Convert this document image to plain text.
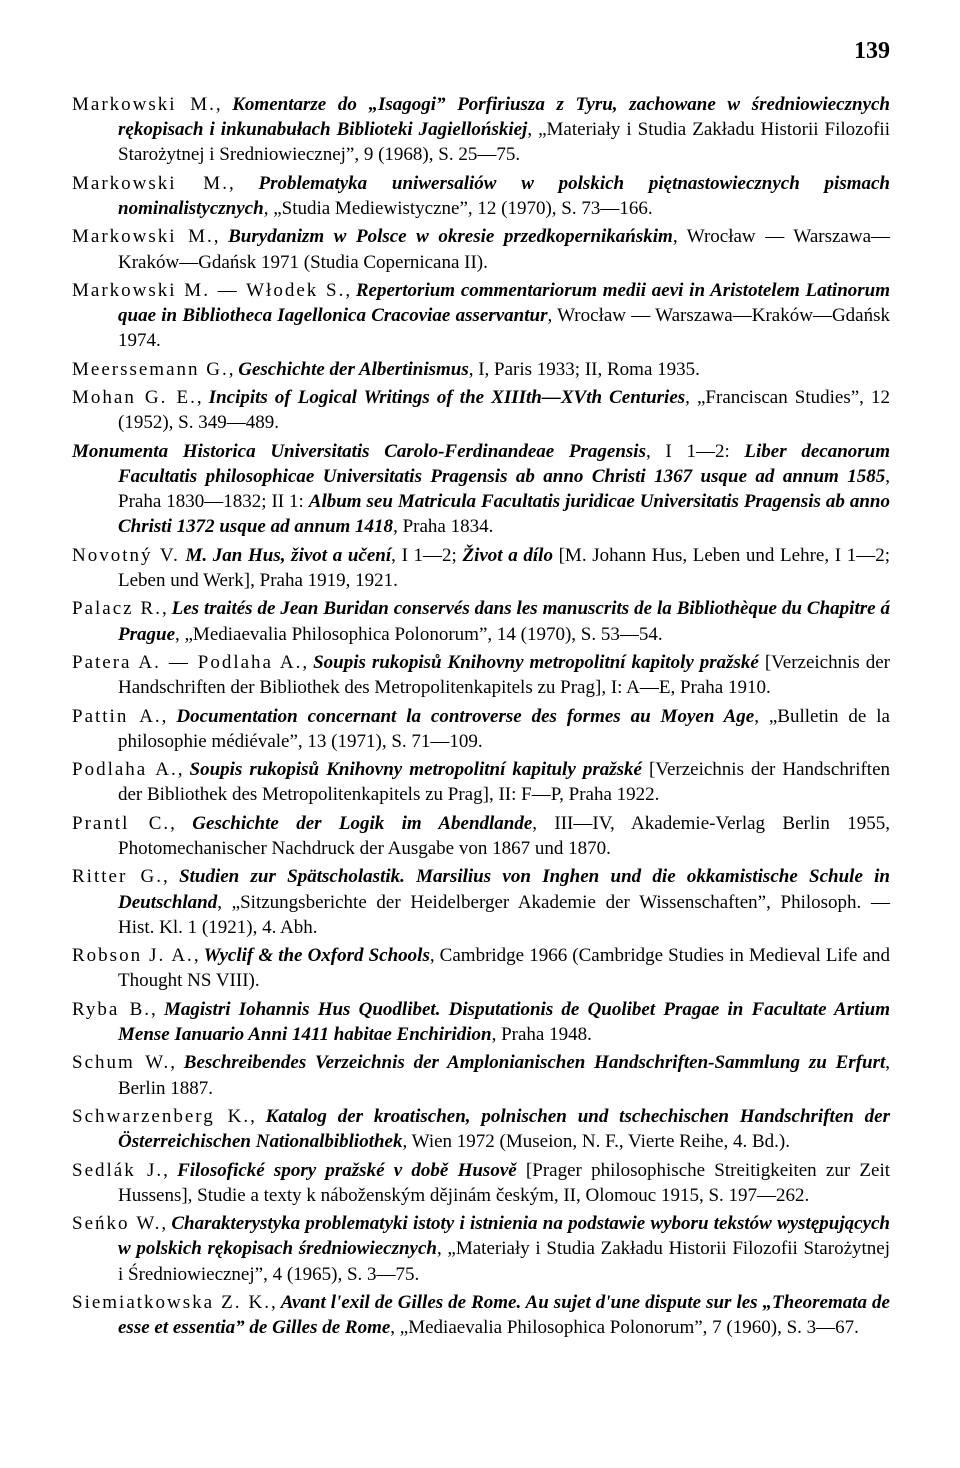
139

Markowski M., Komentarze do „Isagogi” Porfiriusza z Tyru, zachowane w średniowiecznych rękopisach i inkunabułach Biblioteki Jagiellońskiej, „Materiały i Studia Zakładu Historii Filozofii Starożytnej i Sredniowiecznej”, 9 (1968), S. 25—75.

Markowski M., Problematyka uniwersaliów w polskich piętnastowiecznych pismach nominalistycznych, „Studia Mediewistyczne”, 12 (1970), S. 73—166.

Markowski M., Burydanizm w Polsce w okresie przedkopernikańskim, Wrocław — Warszawa—Kraków—Gdańsk 1971 (Studia Copernicana II).

Markowski M. — Włodek S., Repertorium commentariorum medii aevi in Aristotelem Latinorum quae in Bibliotheca Iagellonica Cracoviae asservantur, Wrocław — Warszawa—Kraków—Gdańsk 1974.

Meerssemann G., Geschichte der Albertinismus, I, Paris 1933; II, Roma 1935.

Mohan G. E., Incipits of Logical Writings of the XIIIth—XVth Centuries, „Franciscan Studies”, 12 (1952), S. 349—489.

Monumenta Historica Universitatis Carolo-Ferdinandeae Pragensis, I 1—2: Liber decanorum Facultatis philosophicae Universitatis Pragensis ab anno Christi 1367 usque ad annum 1585, Praha 1830—1832; II 1: Album seu Matricula Facultatis juridicae Universitatis Pragensis ab anno Christi 1372 usque ad annum 1418, Praha 1834.

Novotný V. M. Jan Hus, život a učení, I 1—2; Život a dílo [M. Johann Hus, Leben und Lehre, I 1—2; Leben und Werk], Praha 1919, 1921.

Palacz R., Les traités de Jean Buridan conservés dans les manuscrits de la Bibliothèque du Chapitre á Prague, „Mediaevalia Philosophica Polonorum”, 14 (1970), S. 53—54.

Patera A. — Podlaha A., Soupis rukopisů Knihovny metropolitní kapitoly pražské [Verzeichnis der Handschriften der Bibliothek des Metropolitenkapitels zu Prag], I: A—E, Praha 1910.

Pattin A., Documentation concernant la controverse des formes au Moyen Age, „Bulletin de la philosophie médiévale”, 13 (1971), S. 71—109.

Podlaha A., Soupis rukopisů Knihovny metropolitní kapituly pražské [Verzeichnis der Handschriften der Bibliothek des Metropolitenkapitels zu Prag], II: F—P, Praha 1922.

Prantl C., Geschichte der Logik im Abendlande, III—IV, Akademie-Verlag Berlin 1955, Photomechanischer Nachdruck der Ausgabe von 1867 und 1870.

Ritter G., Studien zur Spätscholastik. Marsilius von Inghen und die okkamistische Schule in Deutschland, „Sitzungsberichte der Heidelberger Akademie der Wissenschaften”, Philosoph. — Hist. Kl. 1 (1921), 4. Abh.

Robson J. A., Wyclif & the Oxford Schools, Cambridge 1966 (Cambridge Studies in Medieval Life and Thought NS VIII).

Ryba B., Magistri Iohannis Hus Quodlibet. Disputationis de Quolibet Pragae in Facultate Artium Mense Ianuario Anni 1411 habitae Enchiridion, Praha 1948.

Schum W., Beschreibendes Verzeichnis der Amplonianischen Handschriften-Sammlung zu Erfurt, Berlin 1887.

Schwarzenberg K., Katalog der kroatischen, polnischen und tschechischen Handschriften der Österreichischen Nationalbibliothek, Wien 1972 (Museion, N. F., Vierte Reihe, 4. Bd.).

Sedlák J., Filosofické spory pražské v době Husově [Prager philosophische Streitigkeiten zur Zeit Hussens], Studie a texty k náboženským dějinám českým, II, Olomouc 1915, S. 197—262.

Seńko W., Charakterystyka problematyki istoty i istnienia na podstawie wyboru tekstów występujących w polskich rękopisach średniowiecznych, „Materiały i Studia Zakładu Historii Filozofii Starożytnej i Średniowiecznej”, 4 (1965), S. 3—75.

Siemiatkowska Z. K., Avant l'exil de Gilles de Rome. Au sujet d'une dispute sur les „Theoremata de esse et essentia” de Gilles de Rome, „Mediaevalia Philosophica Polonorum”, 7 (1960), S. 3—67.
